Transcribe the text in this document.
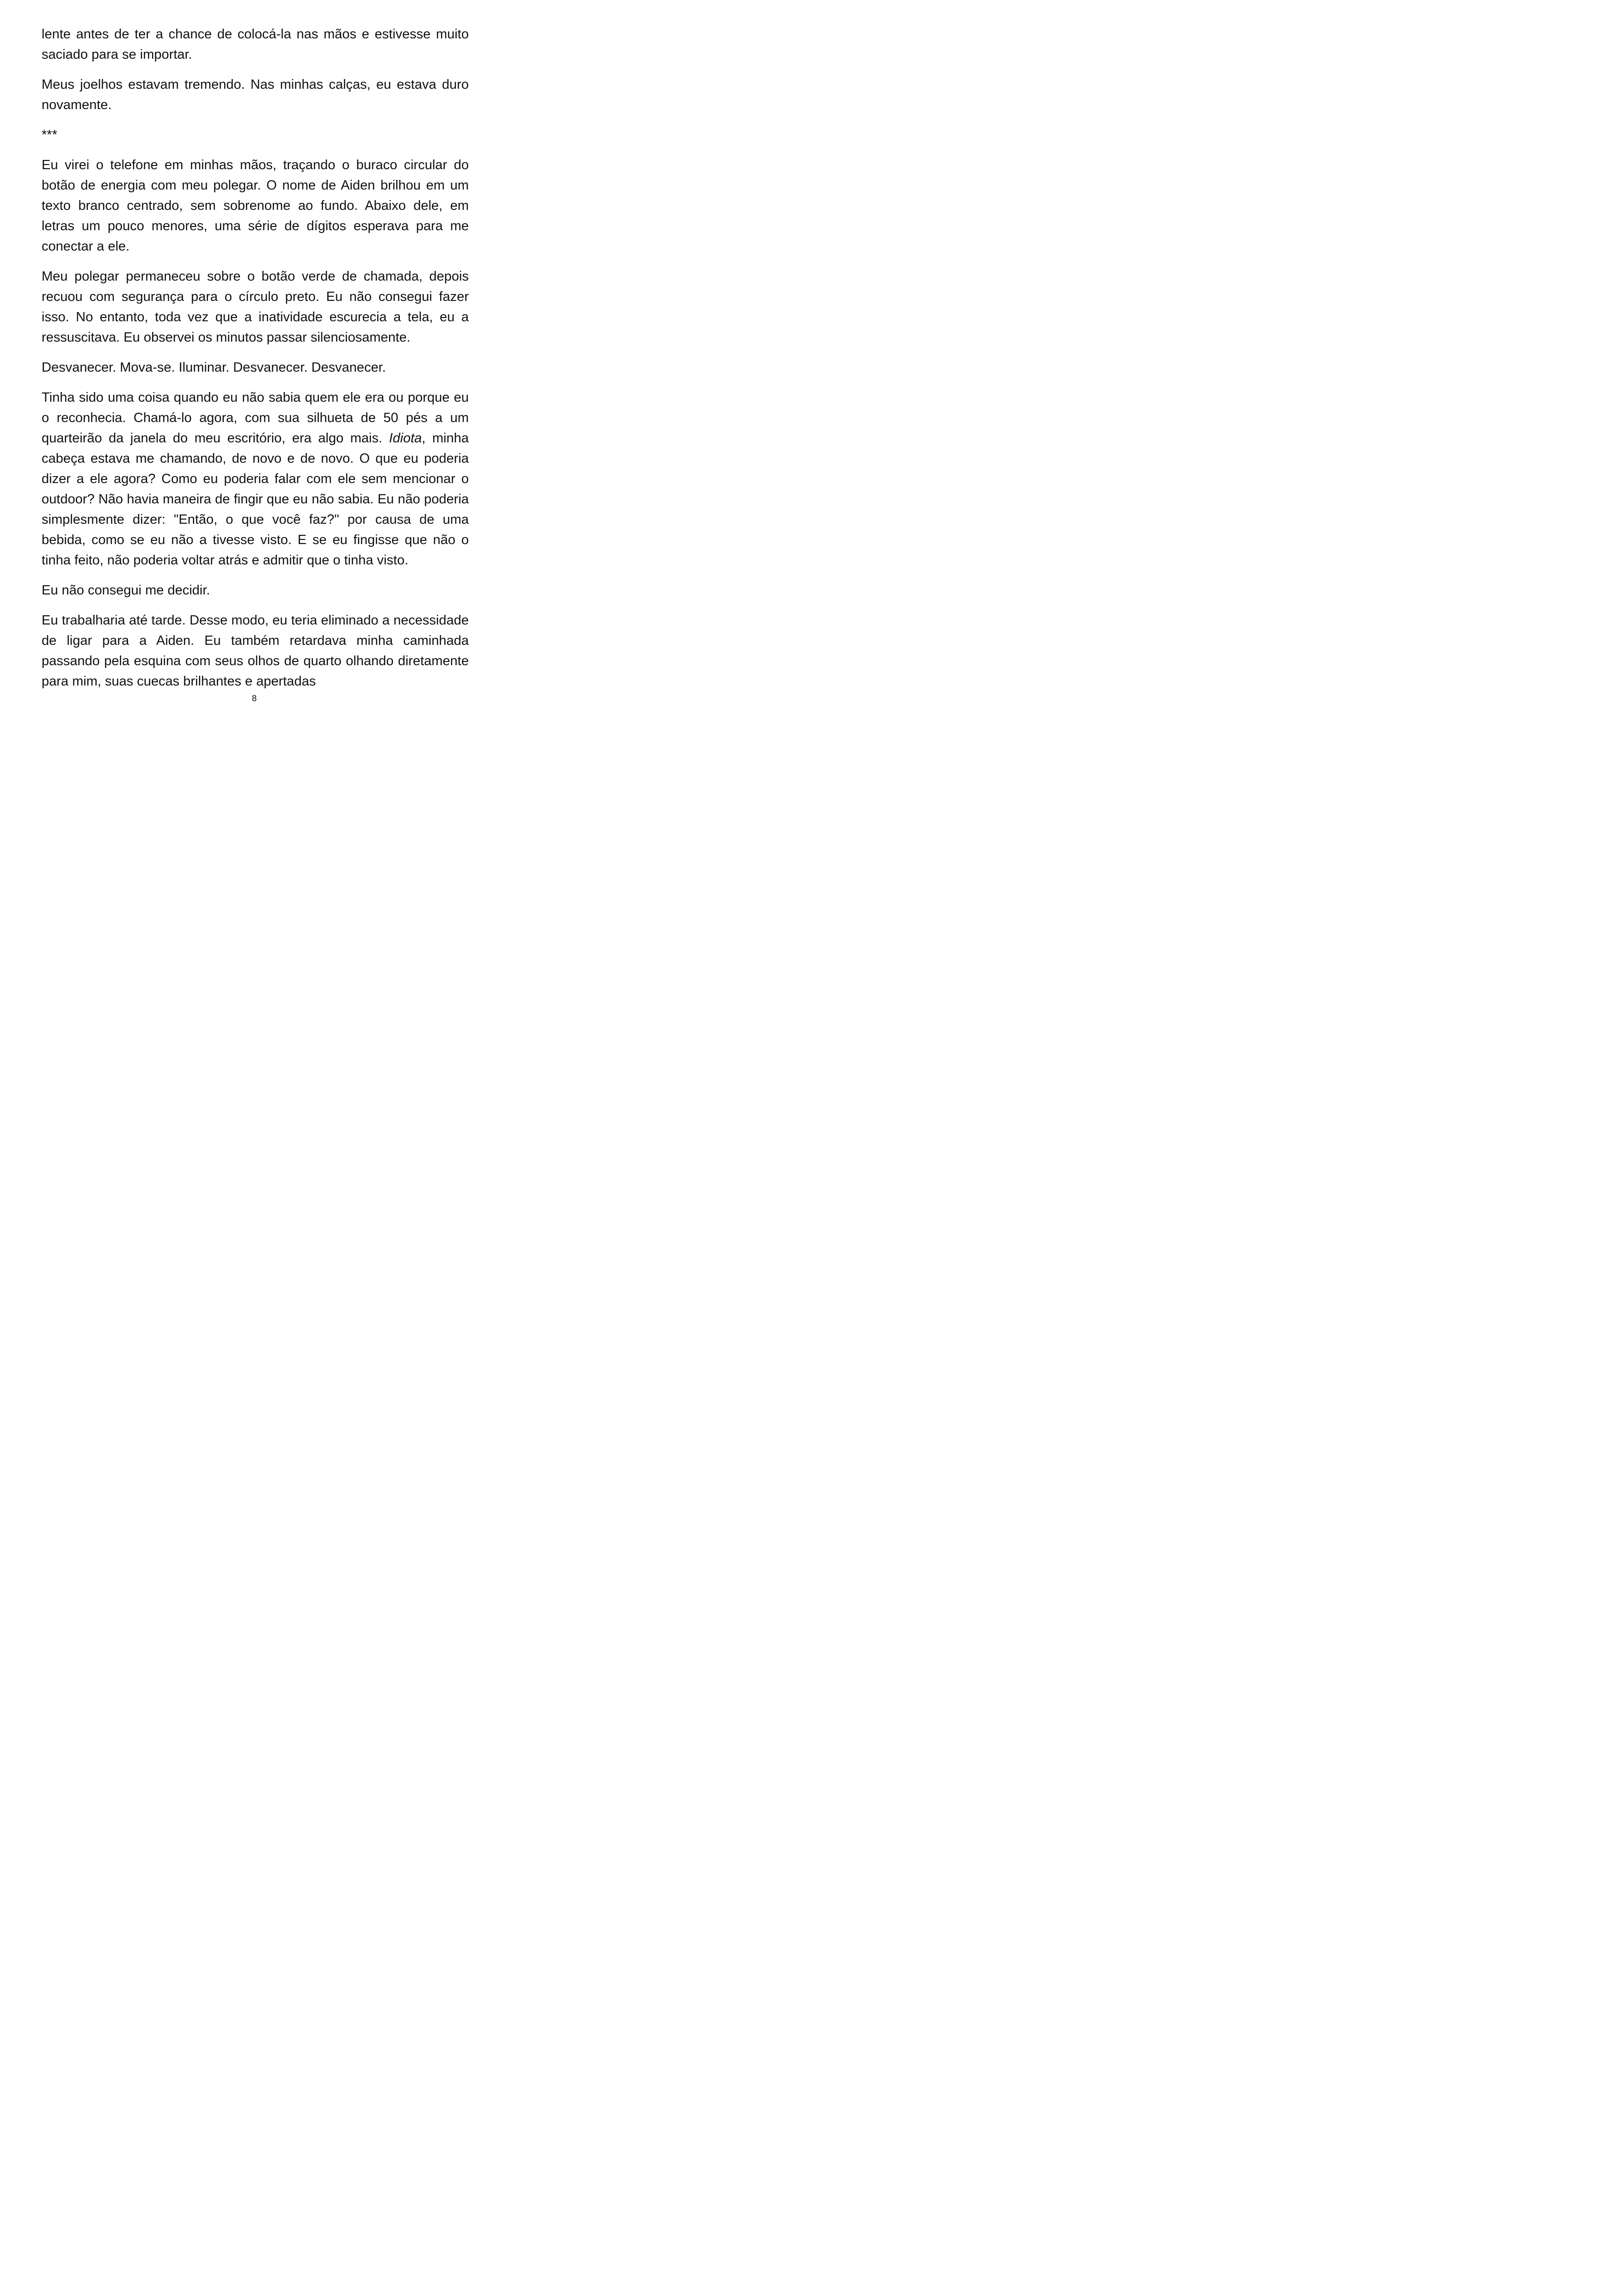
lente antes de ter a chance de colocá-la nas mãos e estivesse muito saciado para se importar.

Meus joelhos estavam tremendo. Nas minhas calças, eu estava duro novamente.

***

Eu virei o telefone em minhas mãos, traçando o buraco circular do botão de energia com meu polegar. O nome de Aiden brilhou em um texto branco centrado, sem sobrenome ao fundo. Abaixo dele, em letras um pouco menores, uma série de dígitos esperava para me conectar a ele.

Meu polegar permaneceu sobre o botão verde de chamada, depois recuou com segurança para o círculo preto. Eu não consegui fazer isso. No entanto, toda vez que a inatividade escurecia a tela, eu a ressuscitava. Eu observei os minutos passar silenciosamente.

Desvanecer. Mova-se. Iluminar. Desvanecer. Desvanecer.

Tinha sido uma coisa quando eu não sabia quem ele era ou porque eu o reconhecia. Chamá-lo agora, com sua silhueta de 50 pés a um quarteirão da janela do meu escritório, era algo mais. Idiota, minha cabeça estava me chamando, de novo e de novo. O que eu poderia dizer a ele agora? Como eu poderia falar com ele sem mencionar o outdoor? Não havia maneira de fingir que eu não sabia. Eu não poderia simplesmente dizer: "Então, o que você faz?" por causa de uma bebida, como se eu não a tivesse visto. E se eu fingisse que não o tinha feito, não poderia voltar atrás e admitir que o tinha visto.

Eu não consegui me decidir.

Eu trabalharia até tarde. Desse modo, eu teria eliminado a necessidade de ligar para a Aiden. Eu também retardava minha caminhada passando pela esquina com seus olhos de quarto olhando diretamente para mim, suas cuecas brilhantes e apertadas

8
